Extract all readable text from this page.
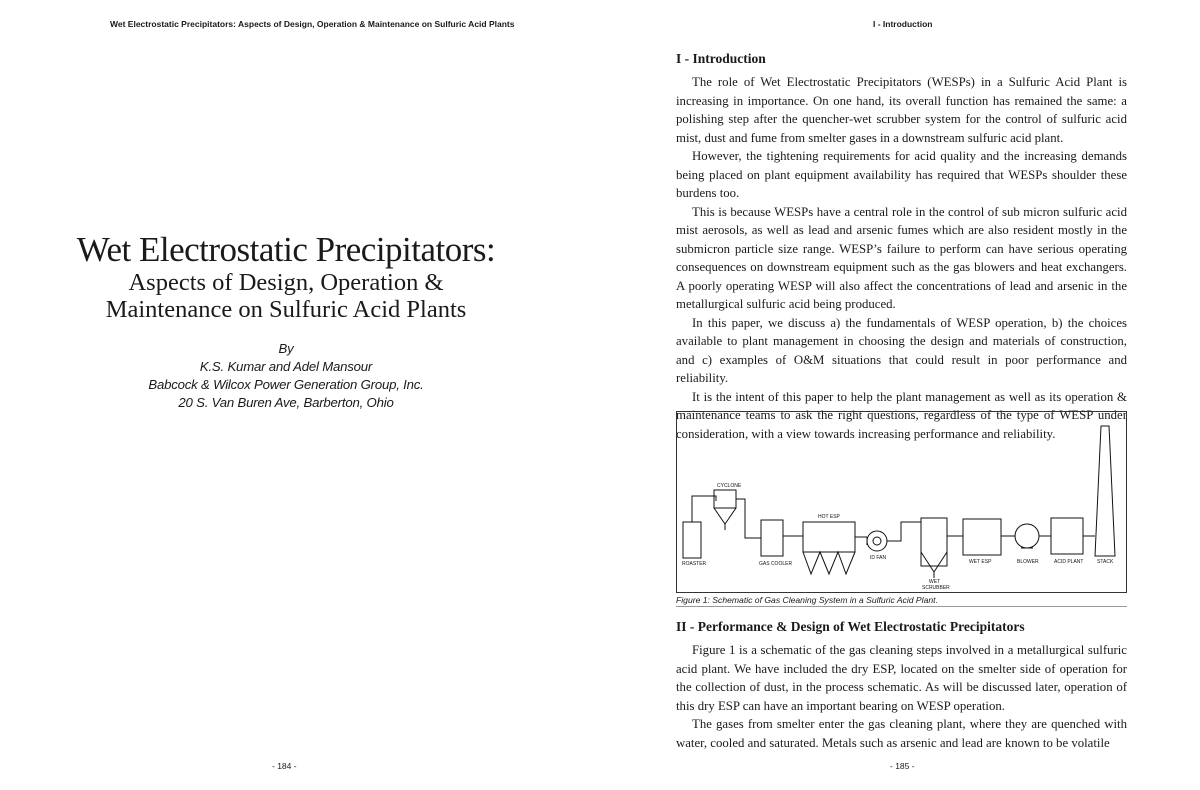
Wet Electrostatic Precipitators: Aspects of Design, Operation & Maintenance on Sulfuric Acid Plants
Wet Electrostatic Precipitators:
Aspects of Design, Operation &
Maintenance on Sulfuric Acid Plants
By
K.S. Kumar and Adel Mansour
Babcock & Wilcox Power Generation Group, Inc.
20 S. Van Buren Ave, Barberton, Ohio
- 184 -
I - Introduction
- 185 -
I - Introduction

The role of Wet Electrostatic Precipitators (WESPs) in a Sulfuric Acid Plant is increasing in importance. On one hand, its overall function has remained the same: a polishing step after the quencher-wet scrubber system for the control of sulfuric acid mist, dust and fume from smelter gases in a downstream sulfuric acid plant.

However, the tightening requirements for acid quality and the increasing demands being placed on plant equipment availability has required that WESPs shoulder these burdens too.

This is because WESPs have a central role in the control of sub micron sulfuric acid mist aerosols, as well as lead and arsenic fumes which are also resident mostly in the submicron particle size range. WESP’s failure to perform can have serious operating consequences on downstream equipment such as the gas blowers and heat exchangers. A poorly operating WESP will also affect the concentrations of lead and arsenic in the metallurgical sulfuric acid being produced.

In this paper, we discuss a) the fundamentals of WESP operation, b) the choices available to plant management in choosing the design and materials of construction, and c) examples of O&M situations that could result in poor performance and reliability.

It is the intent of this paper to help the plant management as well as its operation & maintenance teams to ask the right questions, regardless of the type of WESP under consideration, with a view towards increasing performance and reliability.

CYCLONE
ROASTER	GAS COOLER
HOT ESP
ID FAN
WET
SCRUBBER
WET ESP	BLOWER	ACID PLANT	STACK
Figure 1: Schematic of Gas Cleaning System in a Sulfuric Acid Plant.
II - Performance & Design of Wet Electrostatic Precipitators

Figure 1 is a schematic of the gas cleaning steps involved in a metallurgical sulfuric acid plant. We have included the dry ESP, located on the smelter side of operation for the collection of dust, in the process schematic. As will be discussed later, operation of this dry ESP can have an important bearing on WESP operation.

The gases from smelter enter the gas cleaning plant, where they are quenched with water, cooled and saturated. Metals such as arsenic and lead are known to be volatile
